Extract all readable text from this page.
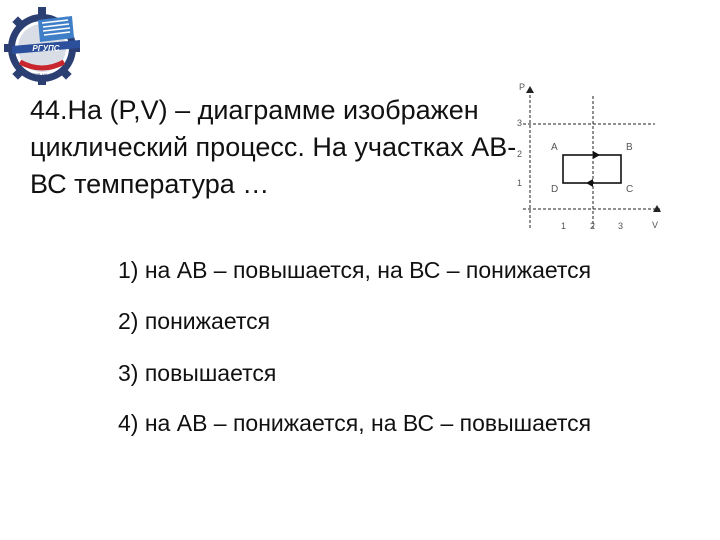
РГУПС
РОСТОВ-НА-ДОНУ
44.На (P,V) – диаграмме изображен
циклический процесс. На участках АВ-
ВС температура …
P
V
1
2
3
1	2	3
A	B
C
D
1) на АВ – повышается, на ВС – понижается
2) понижается
3) повышается
4) на АВ – понижается, на ВС – повышается
